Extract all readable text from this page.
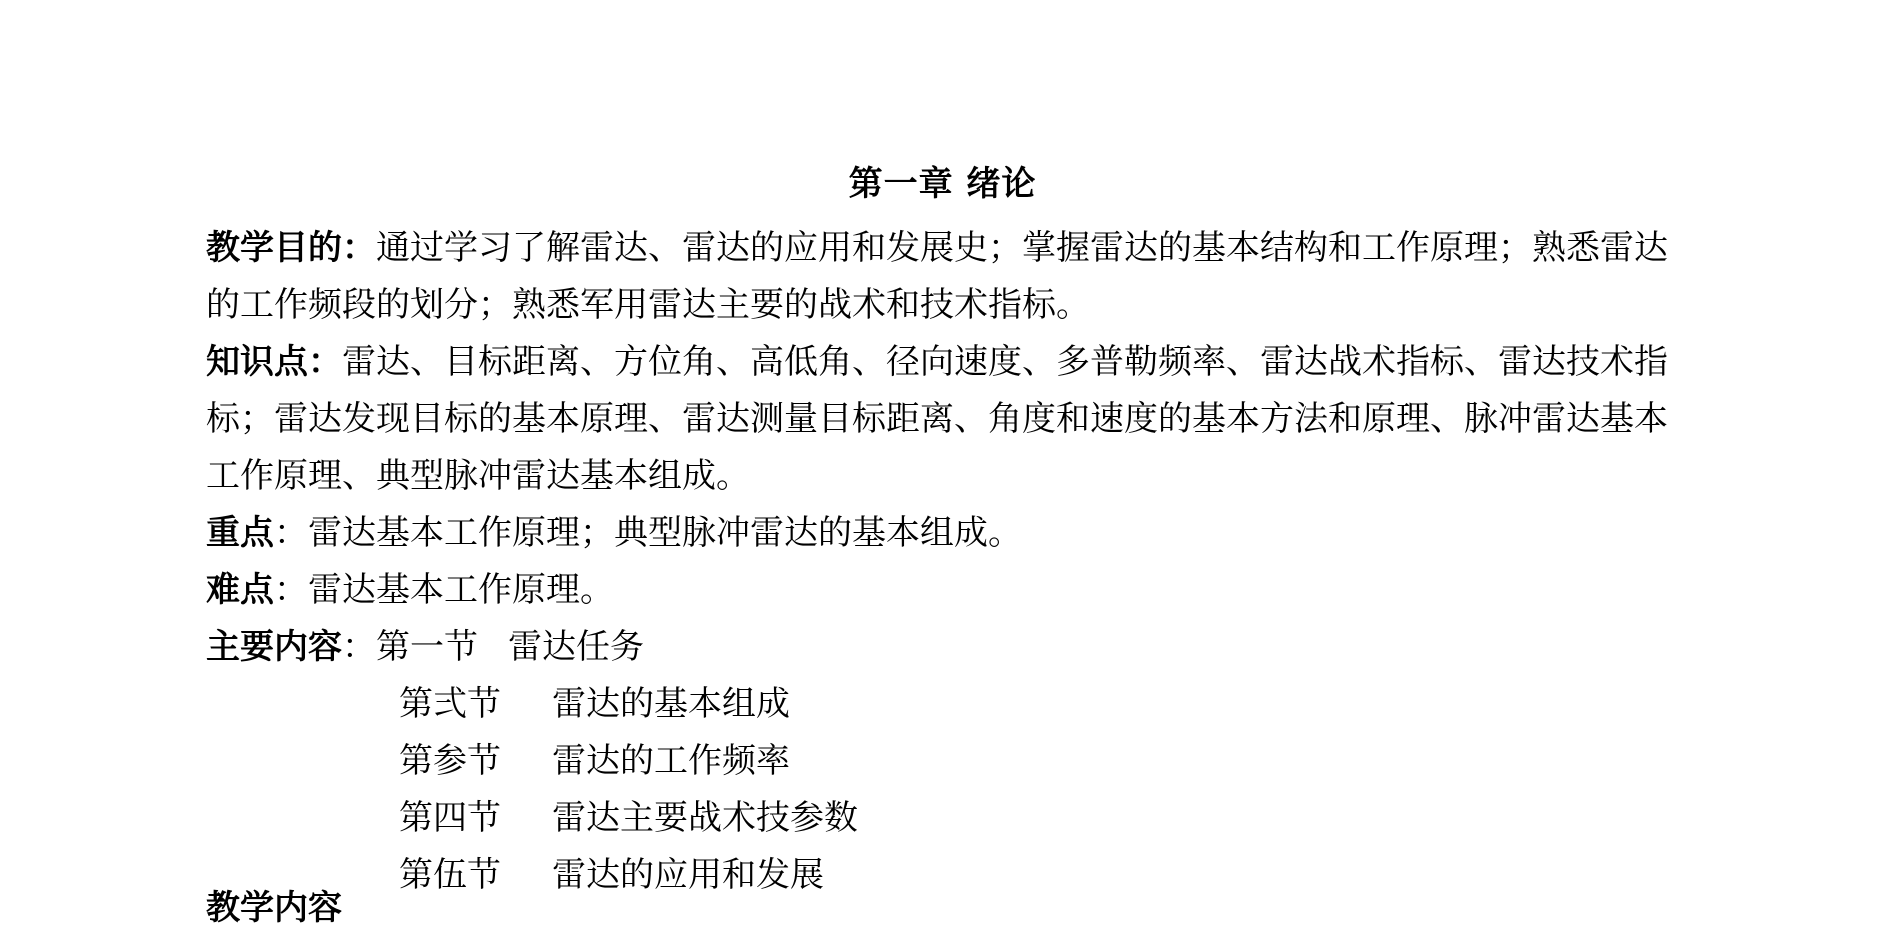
第一章 绪论

教学目的：通过学习了解雷达、雷达的应用和发展史；掌握雷达的基本结构和工作原理；熟悉雷达的工作频段的划分；熟悉军用雷达主要的战术和技术指标。

知识点：雷达、目标距离、方位角、高低角、径向速度、多普勒频率、雷达战术指标、雷达技术指标；雷达发现目标的基本原理、雷达测量目标距离、角度和速度的基本方法和原理、脉冲雷达基本工作原理、典型脉冲雷达基本组成。

重点：雷达基本工作原理；典型脉冲雷达的基本组成。

难点：雷达基本工作原理。

主要内容：第一节 雷达任务
第弍节 雷达的基本组成
第参节 雷达的工作频率
第四节 雷达主要战术技参数
第伍节 雷达的应用和发展
教学内容
